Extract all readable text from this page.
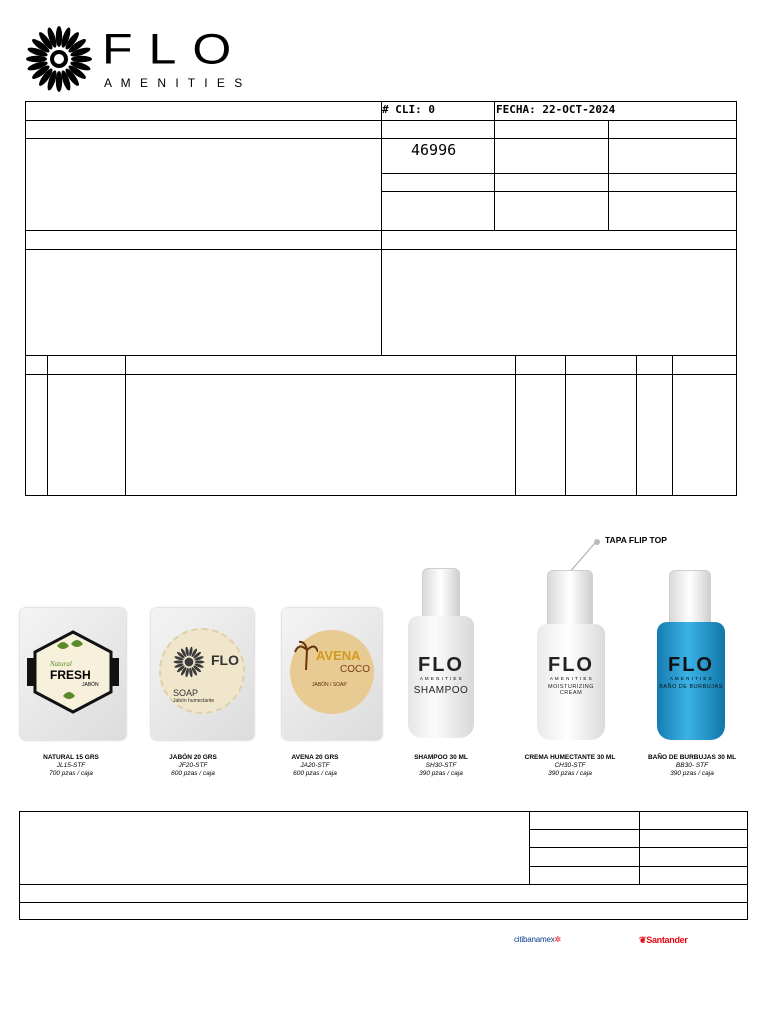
FLO
A M E N I T I E S
# CLI: 0	FECHA: 22-OCT-2024
46996
TAPA FLIP TOP
Natural
FRESH
JABÓN
FLO
SOAP
Jabón humectante
AVENA
COCO
JABÓN / SOAP
FLO
A M E N I T I E S
SHAMPOO
FLO
A M E N I T I E S
MOISTURIZING CREAM
FLO
A M E N I T I E S
BAÑO DE BURBUJAS
NATURAL 15 GRS
JL15-STF
700 pzas / caja
JABÓN 20 GRS
JF20-STF
600 pzas / caja
AVENA 20 GRS
JA20-STF
600 pzas / caja
SHAMPOO 30 ML
SH30-STF
390 pzas / caja
CREMA HUMECTANTE 30 ML
CH30-STF
390 pzas / caja
BAÑO DE BURBUJAS 30 ML
BB30- STF
390 pzas / caja
citibanamex✲	❦Santander
